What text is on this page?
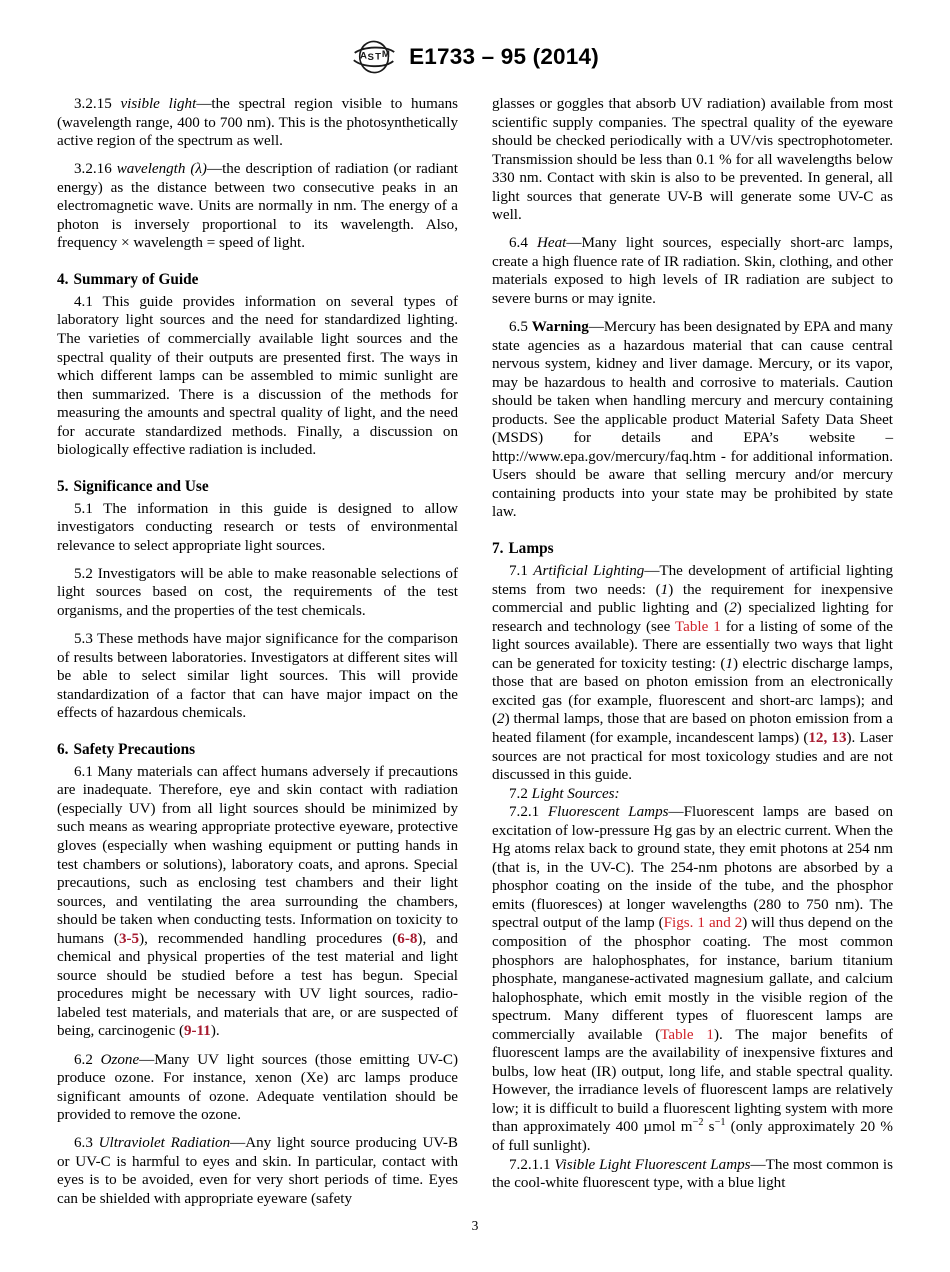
A S T M E1733 – 95 (2014)

3.2.15 visible light—the spectral region visible to humans (wavelength range, 400 to 700 nm). This is the photosynthetically active region of the spectrum as well.

3.2.16 wavelength (λ)—the description of radiation (or radiant energy) as the distance between two consecutive peaks in an electromagnetic wave. Units are normally in nm. The energy of a photon is inversely proportional to its wavelength. Also, frequency × wavelength = speed of light.

4. Summary of Guide

4.1 This guide provides information on several types of laboratory light sources and the need for standardized lighting. The varieties of commercially available light sources and the spectral quality of their outputs are presented first. The ways in which different lamps can be assembled to mimic sunlight are then summarized. There is a discussion of the methods for measuring the amounts and spectral quality of light, and the need for accurate standardized methods. Finally, a discussion on biologically effective radiation is included.

5. Significance and Use

5.1 The information in this guide is designed to allow investigators conducting research or tests of environmental relevance to select appropriate light sources.

5.2 Investigators will be able to make reasonable selections of light sources based on cost, the requirements of the test organisms, and the properties of the test chemicals.

5.3 These methods have major significance for the comparison of results between laboratories. Investigators at different sites will be able to select similar light sources. This will provide standardization of a factor that can have major impact on the effects of hazardous chemicals.

6. Safety Precautions

6.1 Many materials can affect humans adversely if precautions are inadequate. Therefore, eye and skin contact with radiation (especially UV) from all light sources should be minimized by such means as wearing appropriate protective eyeware, protective gloves (especially when washing equipment or putting hands in test chambers or solutions), laboratory coats, and aprons. Special precautions, such as enclosing test chambers and their light sources, and ventilating the area surrounding the chambers, should be taken when conducting tests. Information on toxicity to humans (3-5), recommended handling procedures (6-8), and chemical and physical properties of the test material and light source should be studied before a test has begun. Special procedures might be necessary with UV light sources, radio-labeled test materials, and materials that are, or are suspected of being, carcinogenic (9-11).

6.2 Ozone—Many UV light sources (those emitting UV-C) produce ozone. For instance, xenon (Xe) arc lamps produce significant amounts of ozone. Adequate ventilation should be provided to remove the ozone.

6.3 Ultraviolet Radiation—Any light source producing UV-B or UV-C is harmful to eyes and skin. In particular, contact with eyes is to be avoided, even for very short periods of time. Eyes can be shielded with appropriate eyeware (safety

glasses or goggles that absorb UV radiation) available from most scientific supply companies. The spectral quality of the eyeware should be checked periodically with a UV/vis spectrophotometer. Transmission should be less than 0.1 % for all wavelengths below 330 nm. Contact with skin is also to be prevented. In general, all light sources that generate UV-B will generate some UV-C as well.

6.4 Heat—Many light sources, especially short-arc lamps, create a high fluence rate of IR radiation. Skin, clothing, and other materials exposed to high levels of IR radiation are subject to severe burns or may ignite.

6.5 Warning—Mercury has been designated by EPA and many state agencies as a hazardous material that can cause central nervous system, kidney and liver damage. Mercury, or its vapor, may be hazardous to health and corrosive to materials. Caution should be taken when handling mercury and mercury containing products. See the applicable product Material Safety Data Sheet (MSDS) for details and EPA’s website – http://www.epa.gov/mercury/faq.htm - for additional information. Users should be aware that selling mercury and/or mercury containing products into your state may be prohibited by state law.

7. Lamps

7.1 Artificial Lighting—The development of artificial lighting stems from two needs: (1) the requirement for inexpensive commercial and public lighting and (2) specialized lighting for research and technology (see Table 1 for a listing of some of the light sources available). There are essentially two ways that light can be generated for toxicity testing: (1) electric discharge lamps, those that are based on photon emission from an electronically excited gas (for example, fluorescent and short-arc lamps); and (2) thermal lamps, those that are based on photon emission from a heated filament (for example, incandescent lamps) (12, 13). Laser sources are not practical for most toxicology studies and are not discussed in this guide.

7.2 Light Sources:

7.2.1 Fluorescent Lamps—Fluorescent lamps are based on excitation of low-pressure Hg gas by an electric current. When the Hg atoms relax back to ground state, they emit photons at 254 nm (that is, in the UV-C). The 254-nm photons are absorbed by a phosphor coating on the inside of the tube, and the phosphor emits (fluoresces) at longer wavelengths (280 to 750 nm). The spectral output of the lamp (Figs. 1 and 2) will thus depend on the composition of the phosphor coating. The most common phosphors are halophosphates, for instance, barium titanium phosphate, manganese-activated magnesium gallate, and calcium halophosphate, which emit mostly in the visible region of the spectrum. Many different types of fluorescent lamps are commercially available (Table 1). The major benefits of fluorescent lamps are the availability of inexpensive fixtures and bulbs, low heat (IR) output, long life, and stable spectral quality. However, the irradiance levels of fluorescent lamps are relatively low; it is difficult to build a fluorescent lighting system with more than approximately 400 µmol $m^{-2}$ $s^{-1}$ (only approximately 20 % of full sunlight).

7.2.1.1 Visible Light Fluorescent Lamps—The most common is the cool-white fluorescent type, with a blue light

3
